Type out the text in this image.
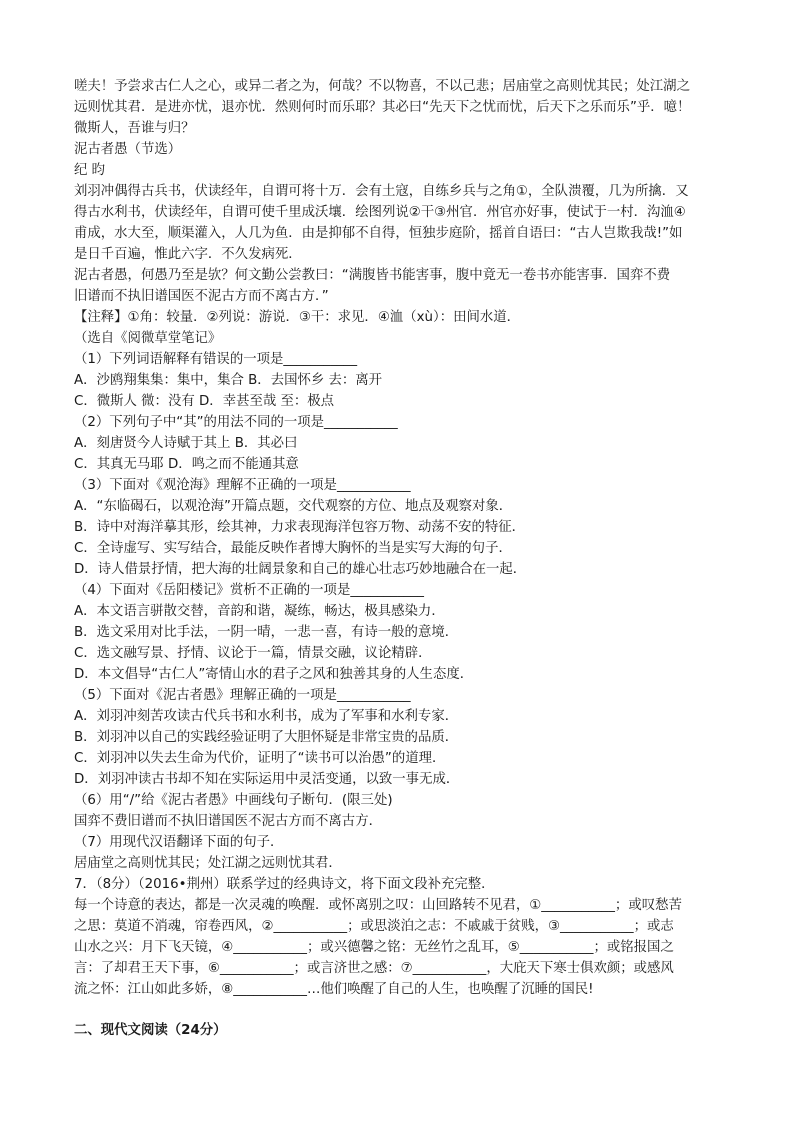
嗟夫！予尝求古仁人之心，或异二者之为，何哉？不以物喜，不以己悲；居庙堂之高则忧其民；处江湖之
远则忧其君．是进亦忧，退亦忧．然则何时而乐耶？其必曰“先天下之忧而忧，后天下之乐而乐”乎．噫！
微斯人，吾谁与归？
泥古者愚（节选）
纪 昀
刘羽冲偶得古兵书，伏读经年，自谓可将十万．会有土寇，自练乡兵与之角①，全队溃覆，几为所擒．又
得古水利书，伏读经年，自谓可使千里成沃壤．绘图列说②干③州官．州官亦好事，使试于一村．沟洫④
甫成，水大至，顺渠灌入，人几为鱼．由是抑郁不自得，恒独步庭阶，摇首自语曰：“古人岂欺我哉!”如
是日千百遍，惟此六字．不久发病死．
泥古者愚，何愚乃至是欤？何文勤公尝教曰：“满腹皆书能害事，腹中竟无一卷书亦能害事．国弈不费
旧谱而不执旧谱国医不泥古方而不离古方．”
【注释】①角：较量．②列说：游说．③干：求见．④洫（xù）：田间水道．
（选自《阅微草堂笔记》
（1）下列词语解释有错误的一项是___________
A．沙鸥翔集集：集中，集合 B．去国怀乡 去：离开
C．微斯人 微：没有 D．幸甚至哉 至：极点
（2）下列句子中“其”的用法不同的一项是___________
A．刻唐贤今人诗赋于其上 B．其必曰
C．其真无马耶 D．鸣之而不能通其意
（3）下面对《观沧海》理解不正确的一项是___________
A．“东临碣石，以观沧海”开篇点题，交代观察的方位、地点及观察对象．
B．诗中对海洋摹其形，绘其神，力求表现海洋包容万物、动荡不安的特征．
C．全诗虚写、实写结合，最能反映作者博大胸怀的当是实写大海的句子．
D．诗人借景抒情，把大海的壮阔景象和自己的雄心壮志巧妙地融合在一起．
（4）下面对《岳阳楼记》赏析不正确的一项是___________
A．本文语言骈散交替，音韵和谐，凝练，畅达，极具感染力．
B．选文采用对比手法，一阴一晴，一悲一喜，有诗一般的意境．
C．选文融写景、抒情、议论于一篇，情景交融，议论精辟．
D．本文倡导“古仁人”寄情山水的君子之风和独善其身的人生态度．
（5）下面对《泥古者愚》理解正确的一项是___________
A．刘羽冲刻苦攻读古代兵书和水利书，成为了军事和水利专家．
B．刘羽冲以自己的实践经验证明了大胆怀疑是非常宝贵的品质．
C．刘羽冲以失去生命为代价，证明了“读书可以治愚”的道理．
D．刘羽冲读古书却不知在实际运用中灵活变通，以致一事无成．
（6）用“/”给《泥古者愚》中画线句子断句．(限三处)
国弈不费旧谱而不执旧谱国医不泥古方而不离古方．
（7）用现代汉语翻译下面的句子．
居庙堂之高则忧其民；处江湖之远则忧其君．
7．（8分）（2016•荆州）联系学过的经典诗文，将下面文段补充完整．
每一个诗意的表达，都是一次灵魂的唤醒．或怀离别之叹：山回路转不见君，①___________；或叹愁苦
之思：莫道不消魂，帘卷西风，②___________；或思淡泊之志：不戚戚于贫贱，③___________；或志
山水之兴：月下飞天镜，④___________；或兴德馨之铭：无丝竹之乱耳，⑤___________；或铭报国之
言：了却君王天下事，⑥___________；或言济世之感：⑦___________，大庇天下寒士俱欢颜；或感风
流之怀：江山如此多娇，⑧___________…他们唤醒了自己的人生，也唤醒了沉睡的国民!
二、现代文阅读（24分）
